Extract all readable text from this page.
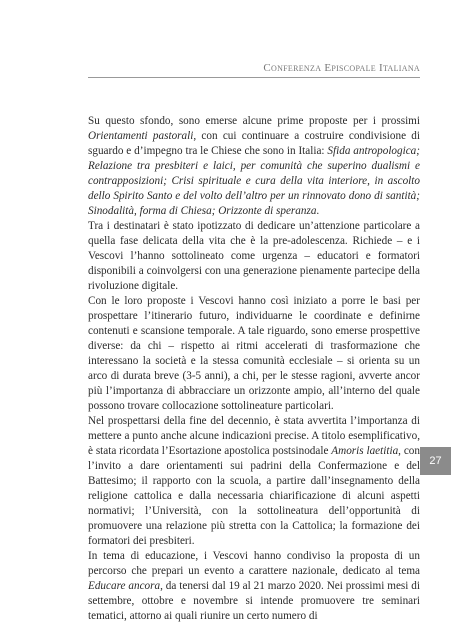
Conferenza Episcopale Italiana

Su questo sfondo, sono emerse alcune prime proposte per i prossimi Orientamenti pastorali, con cui continuare a costruire condivisione di sguardo e d’impegno tra le Chiese che sono in Italia: Sfida antropologica; Relazione tra presbiteri e laici, per comunità che superino dualismi e contrapposizioni; Crisi spirituale e cura della vita interiore, in ascolto dello Spirito Santo e del volto dell’altro per un rinnovato dono di santità; Sinodalità, forma di Chiesa; Orizzonte di speranza.

Tra i destinatari è stato ipotizzato di dedicare un’attenzione particolare a quella fase delicata della vita che è la pre-adolescenza. Richiede – e i Vescovi l’hanno sottolineato come urgenza – educatori e formatori disponibili a coinvolgersi con una generazione pienamente partecipe della rivoluzione digitale.

Con le loro proposte i Vescovi hanno così iniziato a porre le basi per prospettare l’itinerario futuro, individuarne le coordinate e definirne contenuti e scansione temporale. A tale riguardo, sono emerse prospettive diverse: da chi – rispetto ai ritmi accelerati di trasformazione che interessano la società e la stessa comunità ecclesiale – si orienta su un arco di durata breve (3-5 anni), a chi, per le stesse ragioni, avverte ancor più l’importanza di abbracciare un orizzonte ampio, all’interno del quale possono trovare collocazione sottolineature particolari.

Nel prospettarsi della fine del decennio, è stata avvertita l’importanza di mettere a punto anche alcune indicazioni precise. A titolo esemplificativo, è stata ricordata l’Esortazione apostolica postsinodale Amoris laetitia, con l’invito a dare orientamenti sui padrini della Confermazione e del Battesimo; il rapporto con la scuola, a partire dall’insegnamento della religione cattolica e dalla necessaria chiarificazione di alcuni aspetti normativi; l’Università, con la sottolineatura dell’opportunità di promuovere una relazione più stretta con la Cattolica; la formazione dei formatori dei presbiteri.

In tema di educazione, i Vescovi hanno condiviso la proposta di un percorso che prepari un evento a carattere nazionale, dedicato al tema Educare ancora, da tenersi dal 19 al 21 marzo 2020. Nei prossimi mesi di settembre, ottobre e novembre si intende promuovere tre seminari tematici, attorno ai quali riunire un certo numero di

27
